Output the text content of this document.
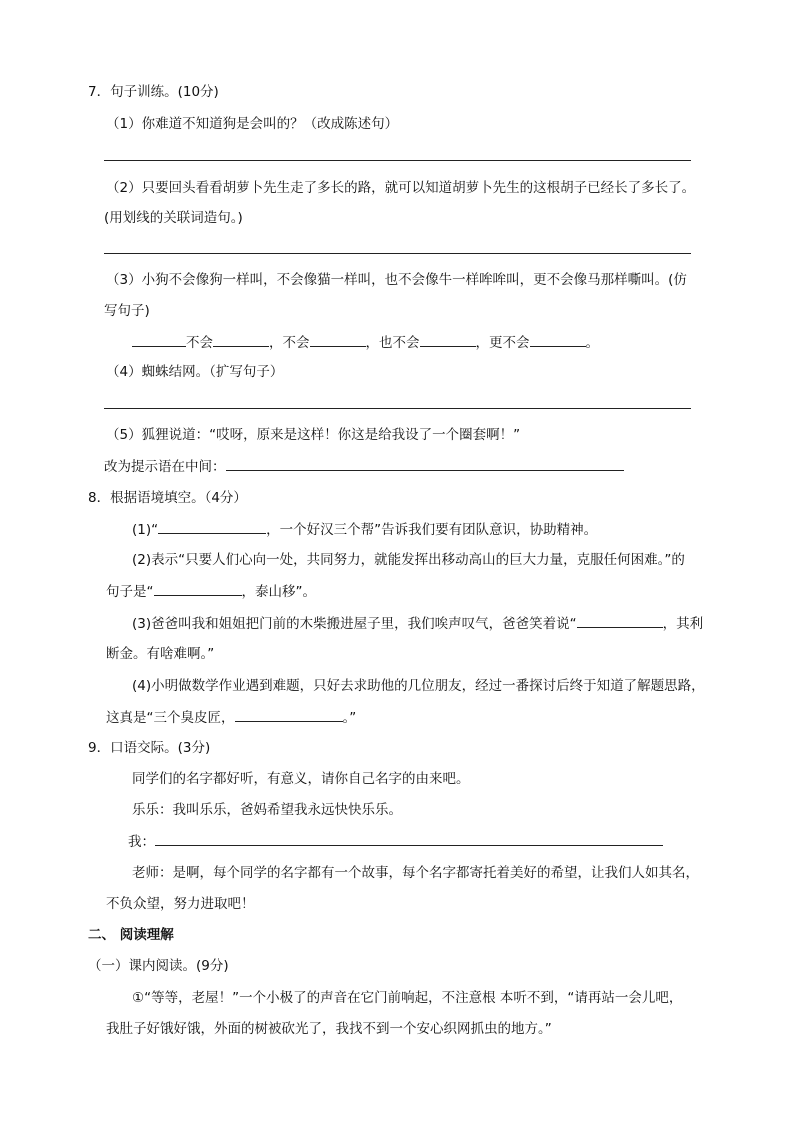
7．句子训练。(10分)
（1）你难道不知道狗是会叫的？（改成陈述句）
（2）只要回头看看胡萝卜先生走了多长的路，就可以知道胡萝卜先生的这根胡子已经长了多长了。
(用划线的关联词造句。)
（3）小狗不会像狗一样叫，不会像猫一样叫，也不会像牛一样哞哞叫，更不会像马那样嘶叫。(仿
写句子)
不会	，不会	，也不会	，更不会	。
（4）蜘蛛结网。（扩写句子）
（5）狐狸说道：“哎呀，原来是这样！你这是给我设了一个圈套啊！”
改为提示语在中间：
8．根据语境填空。（4分）
(1)“	，一个好汉三个帮”告诉我们要有团队意识，协助精神。
(2)表示“只要人们心向一处，共同努力，就能发挥出移动高山的巨大力量，克服任何困难。”的
句子是“	，泰山移”。
(3)爸爸叫我和姐姐把门前的木柴搬进屋子里，我们唉声叹气，爸爸笑着说“	，其利
断金。有啥难啊。”
(4)小明做数学作业遇到难题，只好去求助他的几位朋友，经过一番探讨后终于知道了解题思路，
这真是“三个臭皮匠，	。”
9．口语交际。(3分)
同学们的名字都好听，有意义，请你自己名字的由来吧。
乐乐：我叫乐乐，爸妈希望我永远快快乐乐。
我：
老师：是啊，每个同学的名字都有一个故事，每个名字都寄托着美好的希望，让我们人如其名，
不负众望，努力进取吧！
二、 阅读理解
（一）课内阅读。(9分)
①“等等，老屋！”一个小极了的声音在它门前响起，不注意根 本听不到，“请再站一会儿吧，
我肚子好饿好饿，外面的树被砍光了，我找不到一个安心织网抓虫的地方。”
